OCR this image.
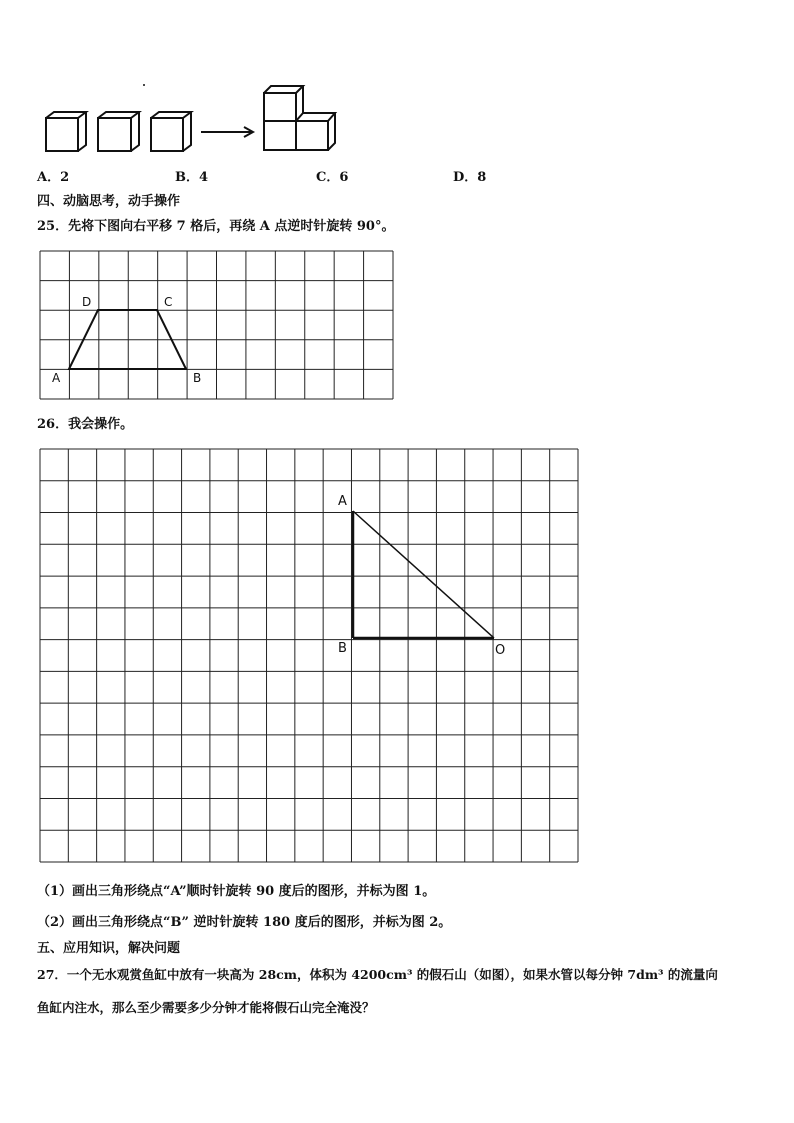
A．2	B．4	C．6	D．8
四、动脑思考，动手操作
25．先将下图向右平移 7 格后，再绕 A 点逆时针旋转 90°。
A	B
C
D
26．我会操作。
A
B	O
（1）画出三角形绕点“A”顺时针旋转 90 度后的图形，并标为图 1。
（2）画出三角形绕点“B” 逆时针旋转 180 度后的图形，并标为图 2。
五、应用知识，解决问题
27．一个无水观赏鱼缸中放有一块高为 28cm，体积为 4200cm³ 的假石山（如图），如果水管以每分钟 7dm³ 的流量向
鱼缸内注水，那么至少需要多少分钟才能将假石山完全淹没？
